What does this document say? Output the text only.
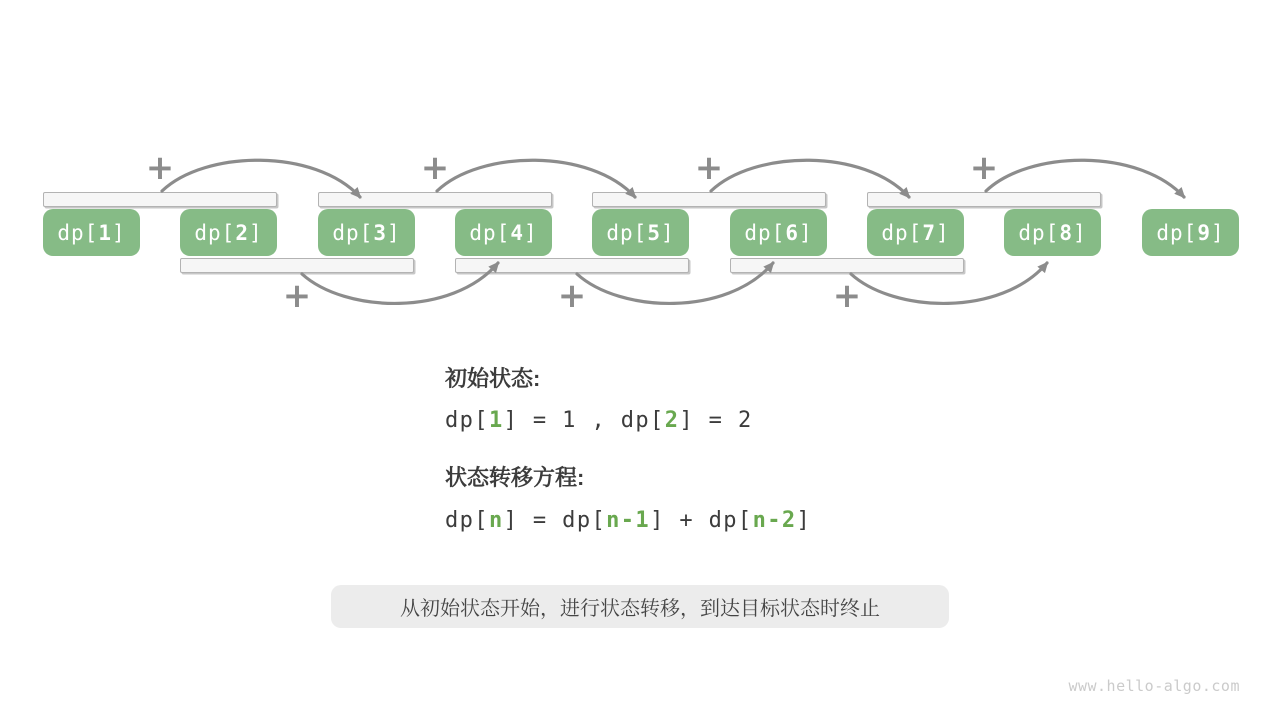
dp[ 1 ]	dp[ 2 ]	dp[ 3 ]	dp[ 4 ]	dp[ 5 ]	dp[ 6 ]	dp[ 7 ]	dp[ 8 ]	dp[ 9 ]
+	+	+	+
+	+	+
初始状态:
dp[1] = 1 , dp[2] = 2
状态转移方程:
dp[n] = dp[n-1] + dp[n-2]
从初始状态开始，进行状态转移，到达目标状态时终止
www.hello-algo.com
